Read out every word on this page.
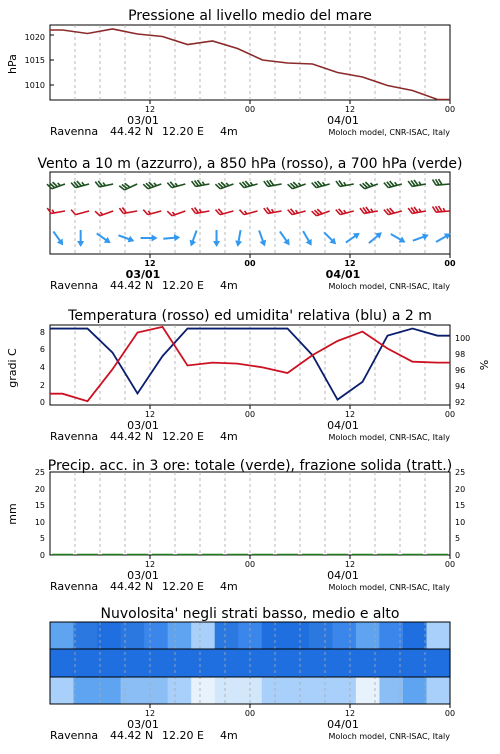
Pressione al livello medio del mare
Vento a 10 m (azzurro), a 850 hPa (rosso), a 700 hPa (verde)
Temperatura (rosso) ed umidita' relativa (blu) a 2 m
Precip. acc. in 3 ore: totale (verde), frazione solida (tratt.)
Nuvolosita' negli strati basso, medio e alto
hPa
gradi C	%
mm
1020
1015
1010
8
6
4
2
0
100
98
96
94
92
25
20
15
10
5
0
25
20
15
10
5
0
12	00	12	00
03/01	04/01
Ravenna 44.42 N 12.20 E 4m	Moloch model, CNR-ISAC, Italy
12	00	12	00
03/01	04/01
Ravenna 44.42 N 12.20 E 4m	Moloch model, CNR-ISAC, Italy
12	00	12	00
03/01	04/01
Ravenna 44.42 N 12.20 E 4m	Moloch model, CNR-ISAC, Italy
12	00	12	00
03/01	04/01
Ravenna 44.42 N 12.20 E 4m	Moloch model, CNR-ISAC, Italy
12	00	12	00
03/01	04/01
Ravenna 44.42 N 12.20 E 4m	Moloch model, CNR-ISAC, Italy
